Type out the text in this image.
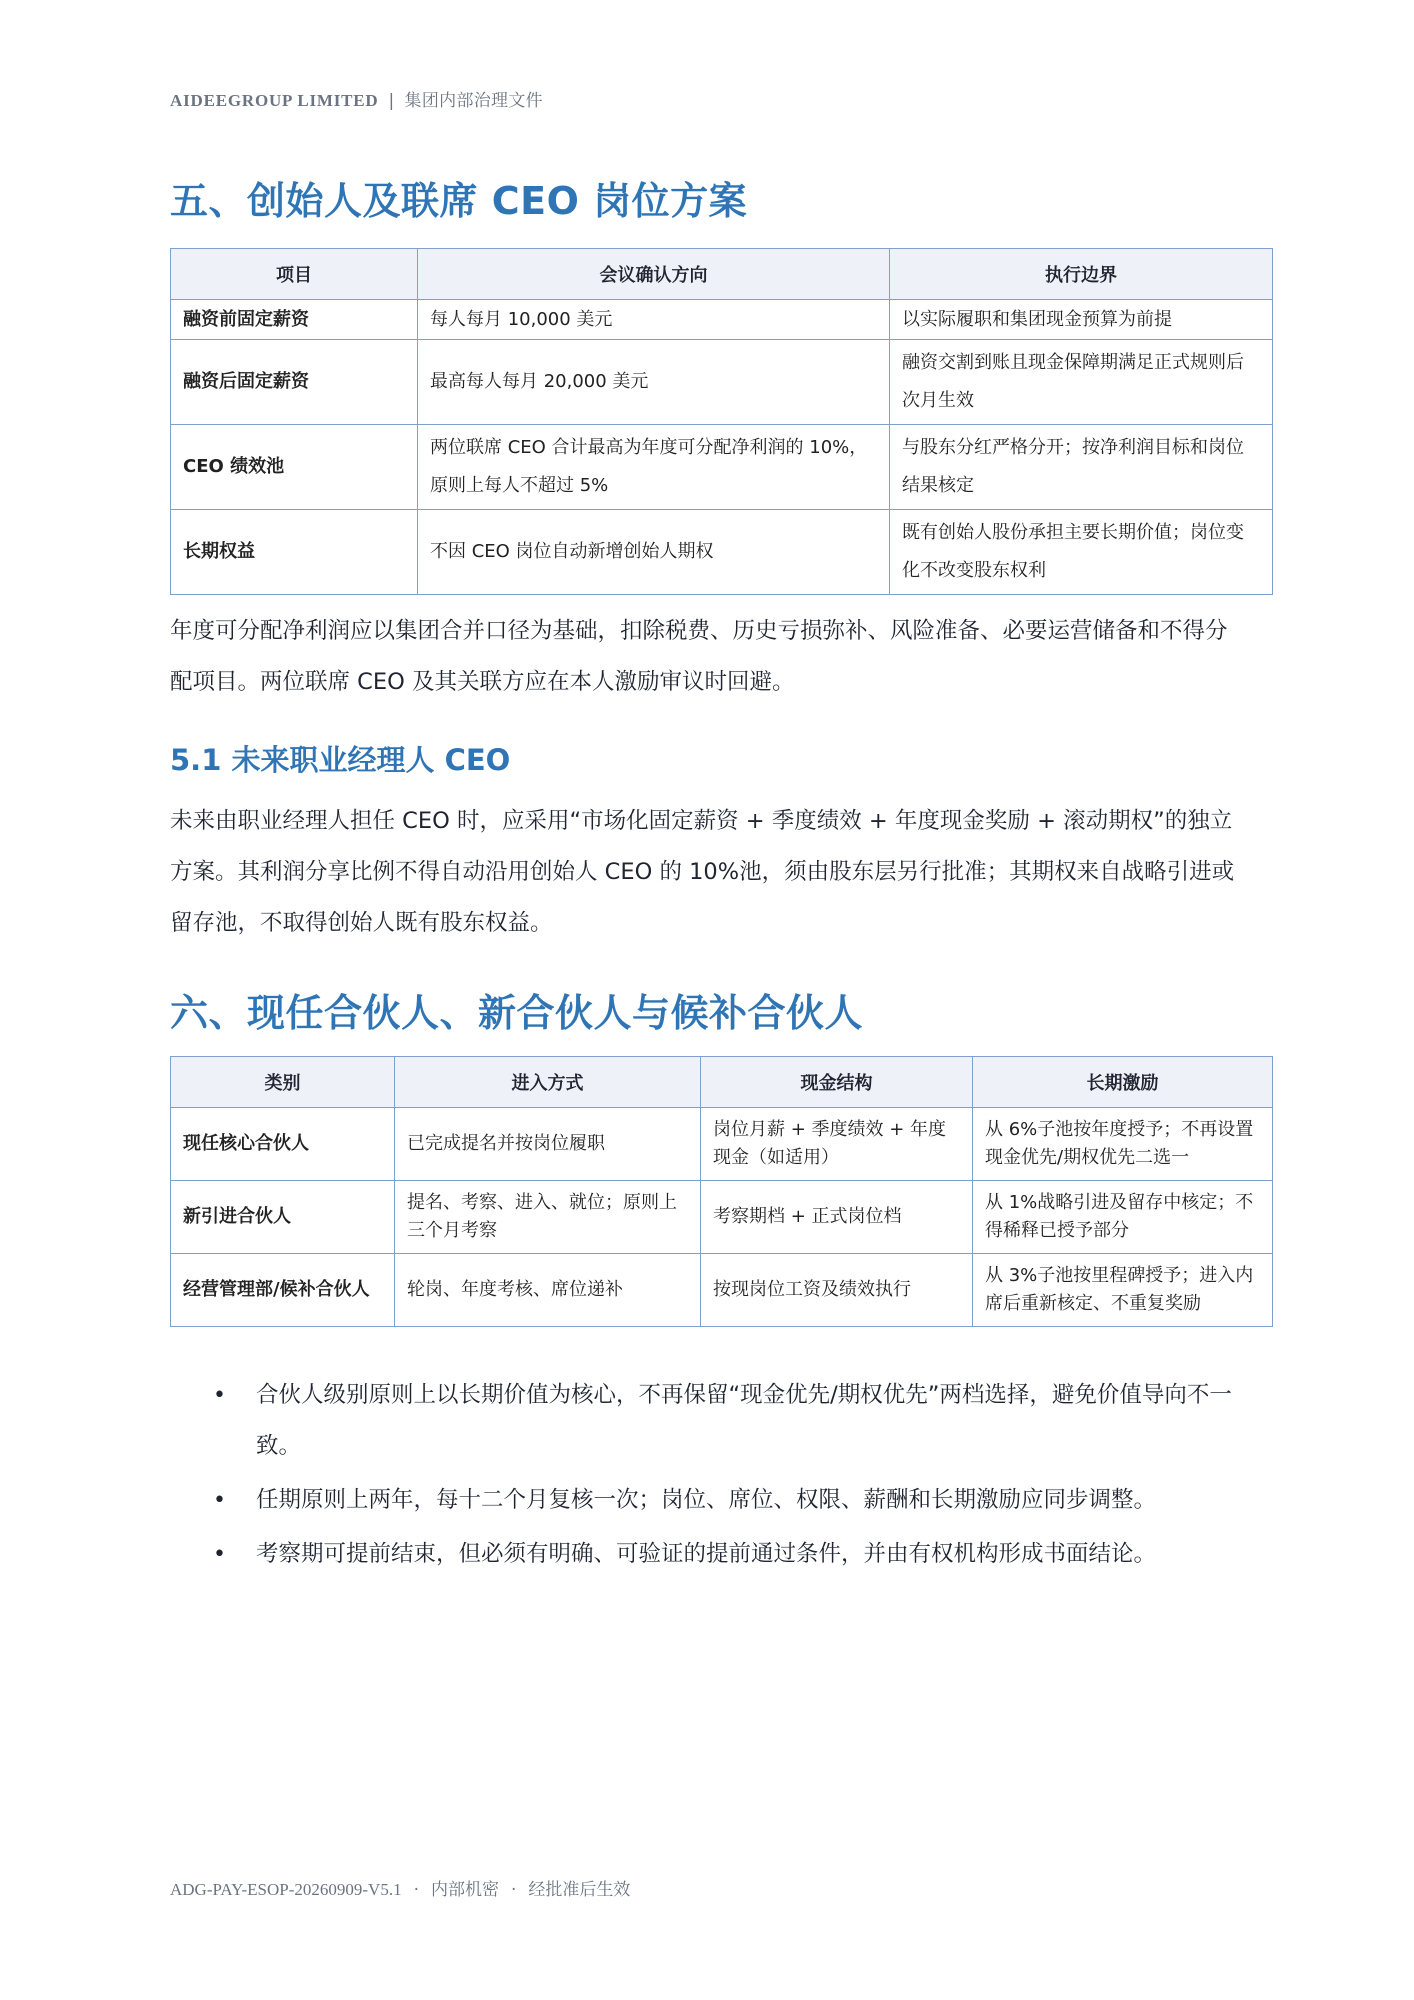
AIDEEGROUP LIMITED | 集团内部治理文件
五、创始人及联席 CEO 岗位方案
项目	会议确认方向	执行边界
融资前固定薪资	每人每月 10,000 美元	以实际履职和集团现金预算为前提
融资后固定薪资	最高每人每月 20,000 美元	融资交割到账且现金保障期满足正式规则后次月生效
CEO 绩效池	两位联席 CEO 合计最高为年度可分配净利润的 10%，原则上每人不超过 5%	与股东分红严格分开；按净利润目标和岗位结果核定
长期权益	不因 CEO 岗位自动新增创始人期权	既有创始人股份承担主要长期价值；岗位变化不改变股东权利

年度可分配净利润应以集团合并口径为基础，扣除税费、历史亏损弥补、风险准备、必要运营储备和不得分配项目。两位联席 CEO 及其关联方应在本人激励审议时回避。

5.1 未来职业经理人 CEO

未来由职业经理人担任 CEO 时，应采用“市场化固定薪资 + 季度绩效 + 年度现金奖励 + 滚动期权”的独立方案。其利润分享比例不得自动沿用创始人 CEO 的 10%池，须由股东层另行批准；其期权来自战略引进或留存池，不取得创始人既有股东权益。

六、现任合伙人、新合伙人与候补合伙人
类别	进入方式	现金结构	长期激励
现任核心合伙人	已完成提名并按岗位履职	岗位月薪 + 季度绩效 + 年度现金（如适用）	从 6%子池按年度授予；不再设置现金优先/期权优先二选一
新引进合伙人	提名、考察、进入、就位；原则上三个月考察	考察期档 + 正式岗位档	从 1%战略引进及留存中核定；不得稀释已授予部分
经营管理部/候补合伙人	轮岗、年度考核、席位递补	按现岗位工资及绩效执行	从 3%子池按里程碑授予；进入内席后重新核定、不重复奖励
• 合伙人级别原则上以长期价值为核心，不再保留“现金优先/期权优先”两档选择，避免价值导向不一致。
• 任期原则上两年，每十二个月复核一次；岗位、席位、权限、薪酬和长期激励应同步调整。
• 考察期可提前结束，但必须有明确、可验证的提前通过条件，并由有权机构形成书面结论。
ADG-PAY-ESOP-20260909-V5.1 · 内部机密 · 经批准后生效
